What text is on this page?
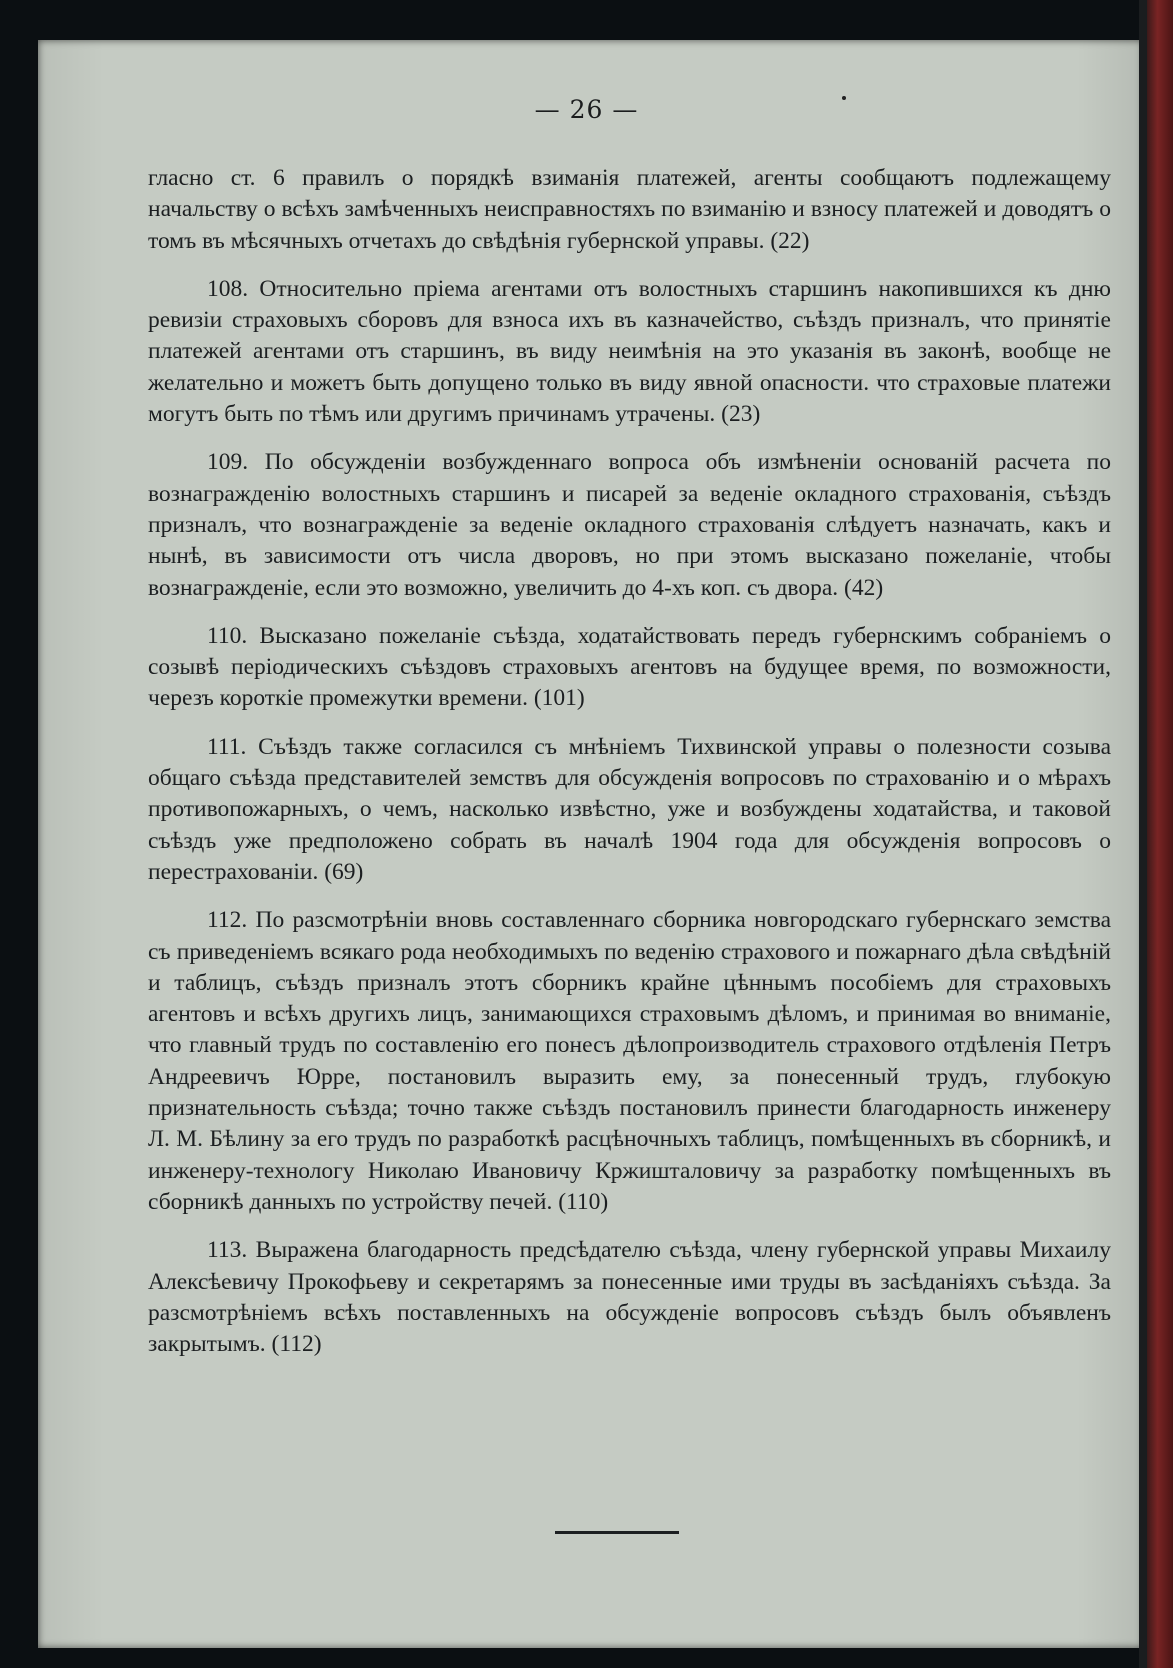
— 26 —

гласно ст. 6 правилъ о порядкѣ взиманія платежей, агенты сообщаютъ подлежащему начальству о всѣхъ замѣченныхъ неисправностяхъ по взиманію и взносу платежей и доводятъ о томъ въ мѣсячныхъ отчетахъ до свѣдѣнія губернской управы. (22)

108. Относительно пріема агентами отъ волостныхъ старшинъ накопившихся къ дню ревизіи страховыхъ сборовъ для взноса ихъ въ казначейство, съѣздъ призналъ, что принятіе платежей агентами отъ старшинъ, въ виду неимѣнія на это указанія въ законѣ, вообще не желательно и можетъ быть допущено только въ виду явной опасности. что страховые платежи могутъ быть по тѣмъ или другимъ причинамъ утрачены. (23)

109. По обсужденіи возбужденнаго вопроса объ измѣненіи основаній расчета по вознагражденію волостныхъ старшинъ и писарей за веденіе окладного страхованія, съѣздъ призналъ, что вознагражденіе за веденіе окладного страхованія слѣдуетъ назначать, какъ и нынѣ, въ зависимости отъ числа дворовъ, но при этомъ высказано пожеланіе, чтобы вознагражденіе, если это возможно, увеличить до 4-хъ коп. съ двора. (42)

110. Высказано пожеланіе съѣзда, ходатайствовать передъ губернскимъ собраніемъ о созывѣ періодическихъ съѣздовъ страховыхъ агентовъ на будущее время, по возможности, черезъ короткіе промежутки времени. (101)

111. Съѣздъ также согласился съ мнѣніемъ Тихвинской управы о полезности созыва общаго съѣзда представителей земствъ для обсужденія вопросовъ по страхованію и о мѣрахъ противопожарныхъ, о чемъ, насколько извѣстно, уже и возбуждены ходатайства, и таковой съѣздъ уже предположено собрать въ началѣ 1904 года для обсужденія вопросовъ о перестрахованіи. (69)

112. По разсмотрѣніи вновь составленнаго сборника новгородскаго губернскаго земства съ приведеніемъ всякаго рода необходимыхъ по веденію страхового и пожарнаго дѣла свѣдѣній и таблицъ, съѣздъ призналъ этотъ сборникъ крайне цѣннымъ пособіемъ для страховыхъ агентовъ и всѣхъ другихъ лицъ, занимающихся страховымъ дѣломъ, и принимая во вниманіе, что главный трудъ по составленію его понесъ дѣлопроизводитель страхового отдѣленія Петръ Андреевичъ Юрре, постановилъ выразить ему, за понесенный трудъ, глубокую признательность съѣзда; точно также съѣздъ постановилъ принести благодарность инженеру Л. М. Бѣлину за его трудъ по разработкѣ расцѣночныхъ таблицъ, помѣщенныхъ въ сборникѣ, и инженеру-технологу Николаю Ивановичу Кржишталовичу за разработку помѣщенныхъ въ сборникѣ данныхъ по устройству печей. (110)

113. Выражена благодарность предсѣдателю съѣзда, члену губернской управы Михаилу Алексѣевичу Прокофьеву и секретарямъ за понесенные ими труды въ засѣданіяхъ съѣзда. За разсмотрѣніемъ всѣхъ поставленныхъ на обсужденіе вопросовъ съѣздъ былъ объявленъ закрытымъ. (112)
